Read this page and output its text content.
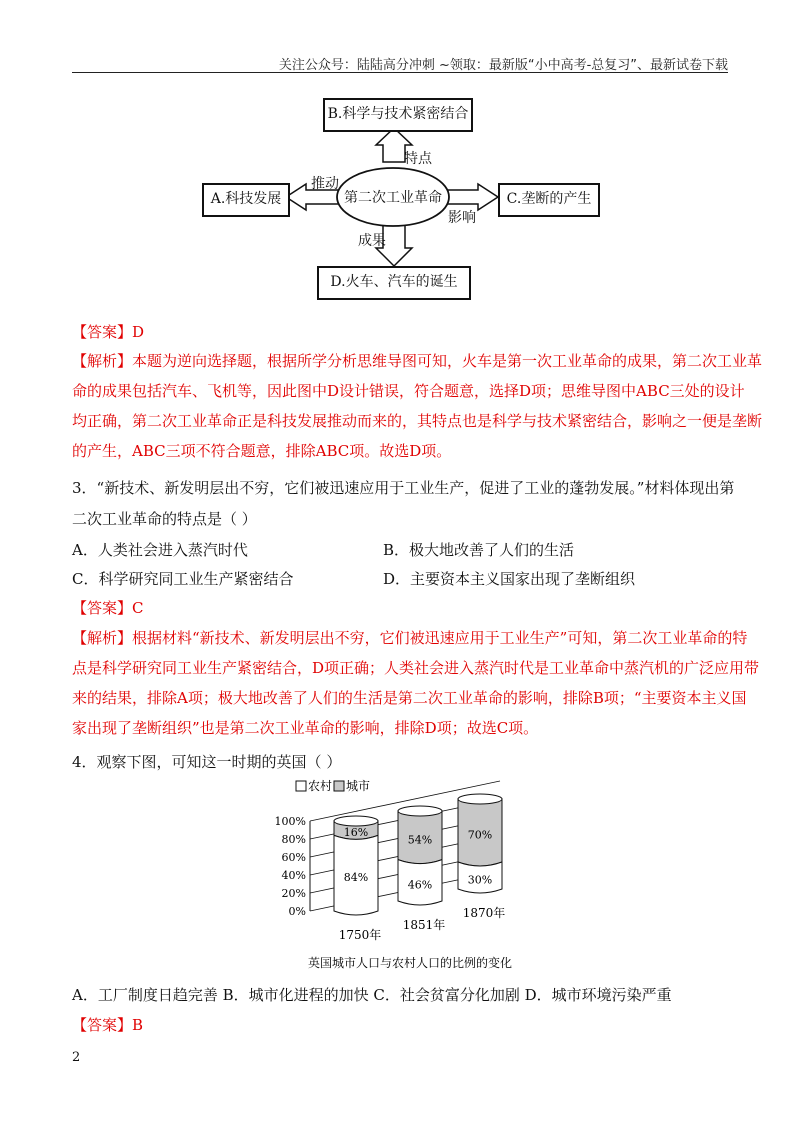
关注公众号：陆陆高分冲刺 ~领取：最新版“小中高考-总复习”、最新试卷下载
第二次工业革命
B.科学与技术紧密结合
A.科技发展	C.垄断的产生
D.火车、汽车的诞生
特点
推动
影响
成果
【答案】D
【解析】本题为逆向选择题，根据所学分析思维导图可知，火车是第一次工业革命的成果，第二次工业革
命的成果包括汽车、飞机等，因此图中D设计错误，符合题意，选择D项；思维导图中ABC三处的设计
均正确，第二次工业革命正是科技发展推动而来的，其特点也是科学与技术紧密结合，影响之一便是垄断
的产生，ABC三项不符合题意，排除ABC项。故选D项。
3．“新技术、新发明层出不穷，它们被迅速应用于工业生产，促进了工业的蓬勃发展。”材料体现出第
二次工业革命的特点是（ ）
A．人类社会进入蒸汽时代	B．极大地改善了人们的生活
C．科学研究同工业生产紧密结合	D．主要资本主义国家出现了垄断组织
【答案】C
【解析】根据材料“新技术、新发明层出不穷，它们被迅速应用于工业生产”可知，第二次工业革命的特
点是科学研究同工业生产紧密结合，D项正确；人类社会进入蒸汽时代是工业革命中蒸汽机的广泛应用带
来的结果，排除A项；极大地改善了人们的生活是第二次工业革命的影响，排除B项；“主要资本主义国
家出现了垄断组织”也是第二次工业革命的影响，排除D项；故选C项。
4．观察下图，可知这一时期的英国（ ）
农村 城市
100%
80%
60%
40%
20%
0%
16%
84%
1750年
54%
46%
1851年
70%
30%
1870年
英国城市人口与农村人口的比例的变化
A．工厂制度日趋完善 B．城市化进程的加快 C．社会贫富分化加剧 D．城市环境污染严重
【答案】B
2
